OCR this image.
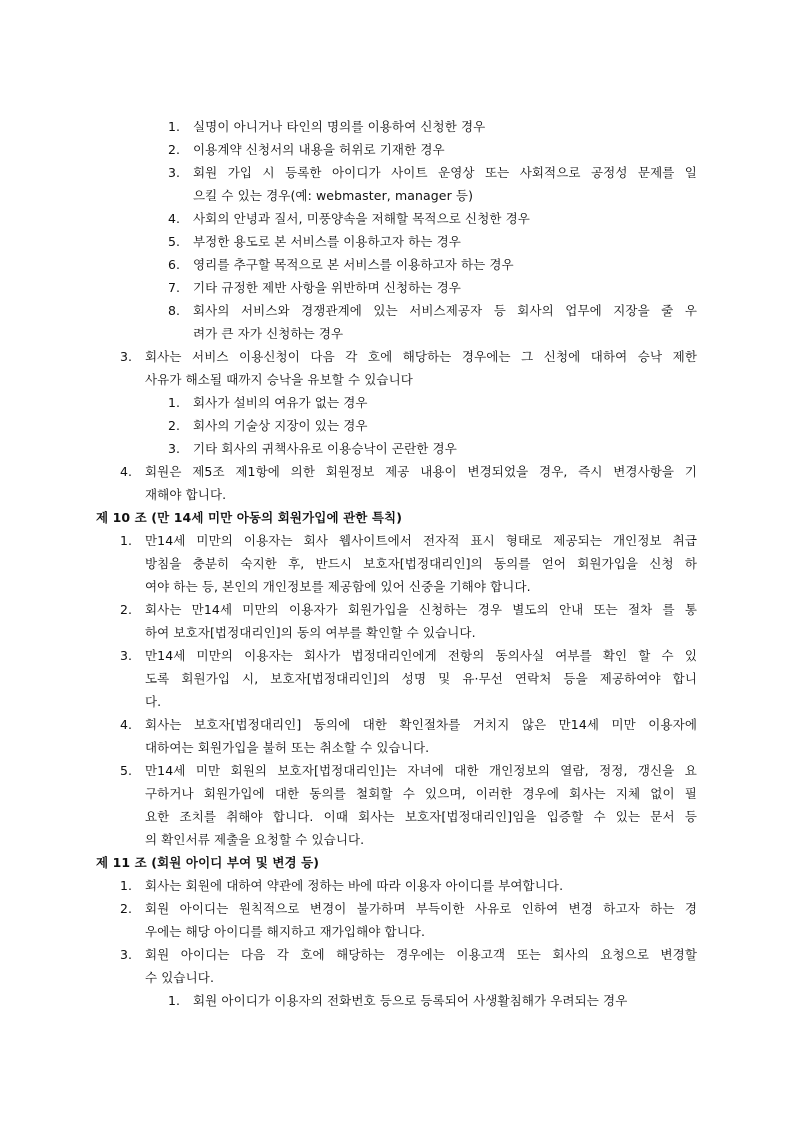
1. 실명이 아니거나 타인의 명의를 이용하여 신청한 경우
2. 이용계약 신청서의 내용을 허위로 기재한 경우
3. 회원 가입 시 등록한 아이디가 사이트 운영상 또는 사회적으로 공정성 문제를 일
으킬 수 있는 경우(예: webmaster, manager 등)
4. 사회의 안녕과 질서, 미풍양속을 저해할 목적으로 신청한 경우
5. 부정한 용도로 본 서비스를 이용하고자 하는 경우
6. 영리를 추구할 목적으로 본 서비스를 이용하고자 하는 경우
7. 기타 규정한 제반 사항을 위반하며 신청하는 경우
8. 회사의 서비스와 경쟁관계에 있는 서비스제공자 등 회사의 업무에 지장을 줄 우
려가 큰 자가 신청하는 경우
3. 회사는 서비스 이용신청이 다음 각 호에 해당하는 경우에는 그 신청에 대하여 승낙 제한
사유가 해소될 때까지 승낙을 유보할 수 있습니다
1. 회사가 설비의 여유가 없는 경우
2. 회사의 기술상 지장이 있는 경우
3. 기타 회사의 귀책사유로 이용승낙이 곤란한 경우
4. 회원은 제5조 제1항에 의한 회원정보 제공 내용이 변경되었을 경우, 즉시 변경사항을 기
재해야 합니다.
제 10 조 (만 14세 미만 아동의 회원가입에 관한 특칙)
1. 만14세 미만의 이용자는 회사 웹사이트에서 전자적 표시 형태로 제공되는 개인정보 취급
방침을 충분히 숙지한 후, 반드시 보호자[법정대리인]의 동의를 얻어 회원가입을 신청 하
여야 하는 등, 본인의 개인정보를 제공함에 있어 신중을 기해야 합니다.
2. 회사는 만14세 미만의 이용자가 회원가입을 신청하는 경우 별도의 안내 또는 절차 를 통
하여 보호자[법정대리인]의 동의 여부를 확인할 수 있습니다.
3. 만14세 미만의 이용자는 회사가 법정대리인에게 전항의 동의사실 여부를 확인 할 수 있
도록 회원가입 시, 보호자[법정대리인]의 성명 및 유·무선 연락처 등을 제공하여야 합니
다.
4. 회사는 보호자[법정대리인] 동의에 대한 확인절차를 거치지 않은 만14세 미만 이용자에
대하여는 회원가입을 불허 또는 취소할 수 있습니다.
5. 만14세 미만 회원의 보호자[법정대리인]는 자녀에 대한 개인정보의 열람, 정정, 갱신을 요
구하거나 회원가입에 대한 동의를 철회할 수 있으며, 이러한 경우에 회사는 지체 없이 필
요한 조치를 취해야 합니다. 이때 회사는 보호자[법정대리인]임을 입증할 수 있는 문서 등
의 확인서류 제출을 요청할 수 있습니다.
제 11 조 (회원 아이디 부여 및 변경 등)
1. 회사는 회원에 대하여 약관에 정하는 바에 따라 이용자 아이디를 부여합니다.
2. 회원 아이디는 원칙적으로 변경이 불가하며 부득이한 사유로 인하여 변경 하고자 하는 경
우에는 해당 아이디를 해지하고 재가입해야 합니다.
3. 회원 아이디는 다음 각 호에 해당하는 경우에는 이용고객 또는 회사의 요청으로 변경할
수 있습니다.
1. 회원 아이디가 이용자의 전화번호 등으로 등록되어 사생활침해가 우려되는 경우
